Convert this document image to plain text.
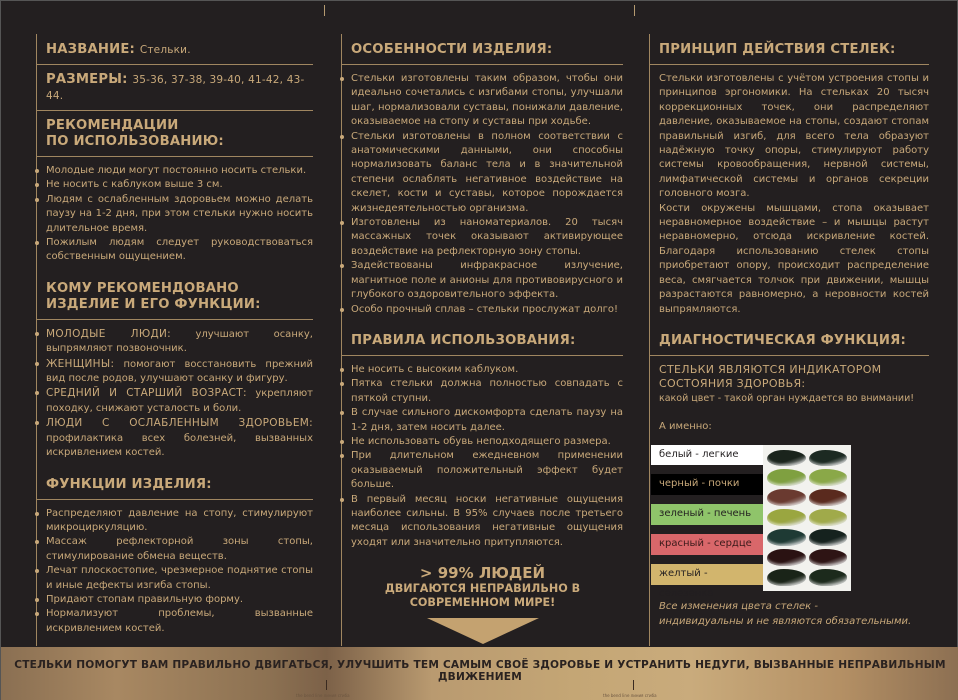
НАЗВАНИЕ: Стельки.
РАЗМЕРЫ: 35-36, 37-38, 39-40, 41-42, 43-44.
РЕКОМЕНДАЦИИ
ПО ИСПОЛЬЗОВАНИЮ:
Молодые люди могут постоянно носить стельки.
Не носить с каблуком выше 3 см.
Людям с ослабленным здоровьем можно делать паузу на 1-2 дня, при этом стельки нужно носить длительное время.
Пожилым людям следует руководствоваться собственным ощущением.
КОМУ РЕКОМЕНДОВАНО
ИЗДЕЛИЕ И ЕГО ФУНКЦИИ:
МОЛОДЫЕ ЛЮДИ: улучшают осанку, выпрямляют позвоночник.
ЖЕНЩИНЫ: помогают восстановить прежний вид после родов, улучшают осанку и фигуру.
СРЕДНИЙ И СТАРШИЙ ВОЗРАСТ: укрепляют походку, снижают усталость и боли.
ЛЮДИ С ОСЛАБЛЕННЫМ ЗДОРОВЬЕМ: профилактика всех болезней, вызванных искривлением костей.
ФУНКЦИИ ИЗДЕЛИЯ:
Распределяют давление на стопу, стимулируют микроциркуляцию.
Массаж рефлекторной зоны стопы, стимулирование обмена веществ.
Лечат плоскостопие, чрезмерное поднятие стопы и иные дефекты изгиба стопы.
Придают стопам правильную форму.
Нормализуют проблемы, вызванные искривлением костей.
ОСОБЕННОСТИ ИЗДЕЛИЯ:
Стельки изготовлены таким образом, чтобы они идеально сочетались с изгибами стопы, улучшали шаг, нормализовали суставы, понижали давление, оказываемое на стопу и суставы при ходьбе.
Стельки изготовлены в полном соответствии с анатомическими данными, они способны нормализовать баланс тела и в значительной степени ослаблять негативное воздействие на скелет, кости и суставы, которое порождается жизнедеятельностью организма.
Изготовлены из наноматериалов. 20 тысяч массажных точек оказывают активирующее воздействие на рефлекторную зону стопы.
Задействованы инфракрасное излучение, магнитное поле и анионы для противовирусного и глубокого оздоровительного эффекта.
Особо прочный сплав – стельки прослужат долго!
ПРАВИЛА ИСПОЛЬЗОВАНИЯ:
Не носить с высоким каблуком.
Пятка стельки должна полностью совпадать с пяткой ступни.
В случае сильного дискомфорта сделать паузу на 1-2 дня, затем носить далее.
Не использовать обувь неподходящего размера.
При длительном ежедневном применении оказываемый положительный эффект будет больше.
В первый месяц носки негативные ощущения наиболее сильны. В 95% случаев после третьего месяца использования негативные ощущения уходят или значительно притупляются.
> 99% ЛЮДЕЙ
ДВИГАЮТСЯ НЕПРАВИЛЬНО В
СОВРЕМЕННОМ МИРЕ!
ПРИНЦИП ДЕЙСТВИЯ СТЕЛЕК:
Стельки изготовлены с учётом устроения стопы и принципов эргономики. На стельках 20 тысяч коррекционных точек, они распределяют давление, оказываемое на стопы, создают стопам правильный изгиб, для всего тела образуют надёжную точку опоры, стимулируют работу системы кровообращения, нервной системы, лимфатической системы и органов секреции головного мозга.
Кости окружены мышцами, стопа оказывает неравномерное воздействие – и мышцы растут неравномерно, отсюда искривление костей. Благодаря использованию стелек стопы приобретают опору, происходит распределение веса, смягчается толчок при движении, мышцы разрастаются равномерно, а неровности костей выпрямляются.
ДИАГНОСТИЧЕСКАЯ ФУНКЦИЯ:
СТЕЛЬКИ ЯВЛЯЮТСЯ ИНДИКАТОРОМ
СОСТОЯНИЯ ЗДОРОВЬЯ:
какой цвет - такой орган нуждается во внимании!
А именно:
белый - легкие
черный - почки
зеленый - печень
красный - сердце
желтый - селезенка
Все изменения цвета стелек -
индивидуальны и не являются обязательными.
СТЕЛЬКИ ПОМОГУТ ВАМ ПРАВИЛЬНО ДВИГАТЬСЯ, УЛУЧШИТЬ ТЕМ САМЫМ СВОЁ ЗДОРОВЬЕ И УСТРАНИТЬ НЕДУГИ, ВЫЗВАННЫЕ НЕПРАВИЛЬНЫМ ДВИЖЕНИЕМ
the bend line линия сгиба	the bend line линия сгиба
